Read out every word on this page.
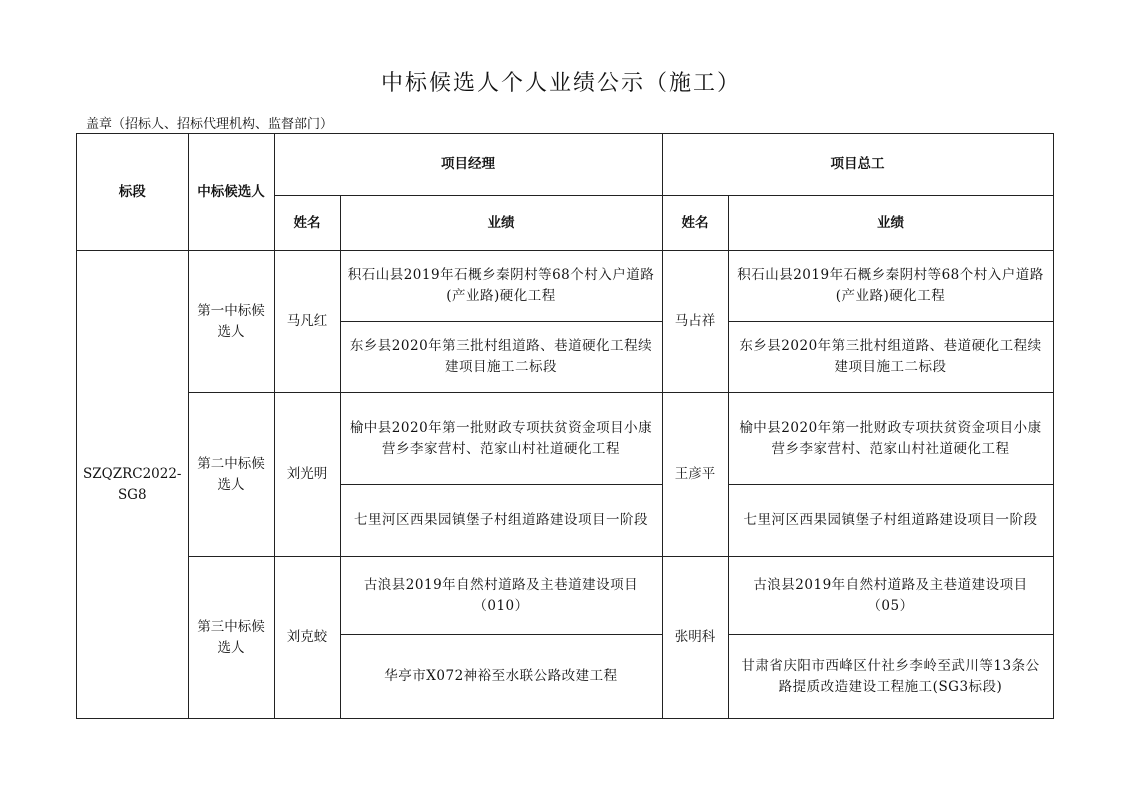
中标候选人个人业绩公示（施工）
盖章（招标人、招标代理机构、监督部门）
标段	中标候选人	项目经理		项目总工	
		姓名	业绩	姓名	业绩
SZQZRC2022-SG8	第一中标候选人	马凡红	积石山县2019年石概乡秦阴村等68个村入户道路(产业路)硬化工程	马占祥	积石山县2019年石概乡秦阴村等68个村入户道路(产业路)硬化工程
			东乡县2020年第三批村组道路、巷道硬化工程续建项目施工二标段		东乡县2020年第三批村组道路、巷道硬化工程续建项目施工二标段
	第二中标候选人	刘光明	榆中县2020年第一批财政专项扶贫资金项目小康营乡李家营村、范家山村社道硬化工程	王彦平	榆中县2020年第一批财政专项扶贫资金项目小康营乡李家营村、范家山村社道硬化工程
			七里河区西果园镇堡子村组道路建设项目一阶段		七里河区西果园镇堡子村组道路建设项目一阶段
	第三中标候选人	刘克蛟	古浪县2019年自然村道路及主巷道建设项目（010）	张明科	古浪县2019年自然村道路及主巷道建设项目（05）
			华亭市X072神裕至水联公路改建工程		甘肃省庆阳市西峰区什社乡李岭至武川等13条公路提质改造建设工程施工(SG3标段)
